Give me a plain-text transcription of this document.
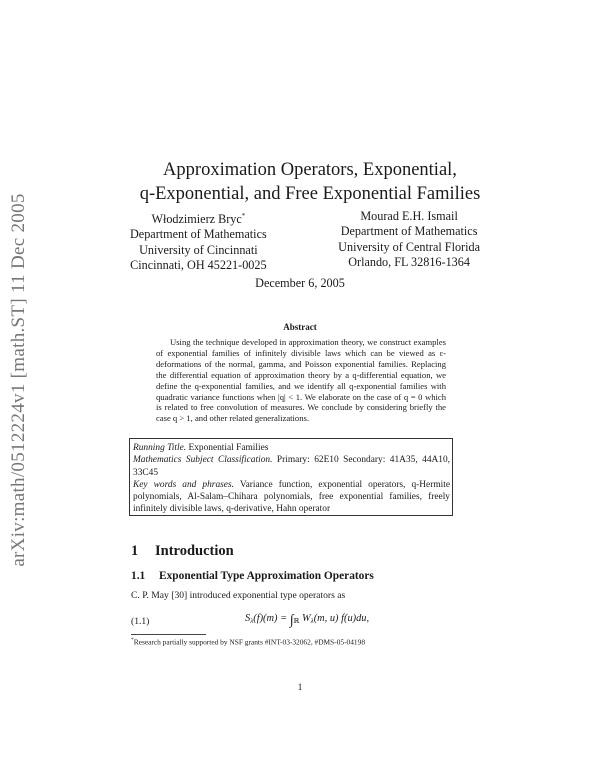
arXiv:math/0512224v1 [math.ST] 11 Dec 2005
Approximation Operators, Exponential,
q-Exponential, and Free Exponential Families
Włodzimierz Bryc*
Department of Mathematics
University of Cincinnati
Cincinnati, OH 45221-0025
Mourad E.H. Ismail
Department of Mathematics
University of Central Florida
Orlando, FL 32816-1364
December 6, 2005
Abstract
Using the technique developed in approximation theory, we construct examples of exponential families of infinitely divisible laws which can be viewed as ε-deformations of the normal, gamma, and Poisson exponential families. Replacing the differential equation of approximation theory by a q-differential equation, we define the q-exponential families, and we identify all q-exponential families with quadratic variance functions when |q| < 1. We elaborate on the case of q = 0 which is related to free convolution of measures. We conclude by considering briefly the case q > 1, and other related generalizations.

Running Title. Exponential Families

Mathematics Subject Classification. Primary: 62E10 Secondary: 41A35, 44A10, 33C45

Key words and phrases. Variance function, exponential operators, q-Hermite polynomials, Al-Salam–Chihara polynomials, free exponential families, freely infinitely divisible laws, q-derivative, Hahn operator

1 Introduction
1.1 Exponential Type Approximation Operators
C. P. May [30] introduced exponential type operators as
(1.1)	$S_\lambda(f)(m) = \int_ℝ$ $W_\lambda(m$, u) f(u)du,
*Research partially supported by NSF grants #INT-03-32062, #DMS-05-04198
1
